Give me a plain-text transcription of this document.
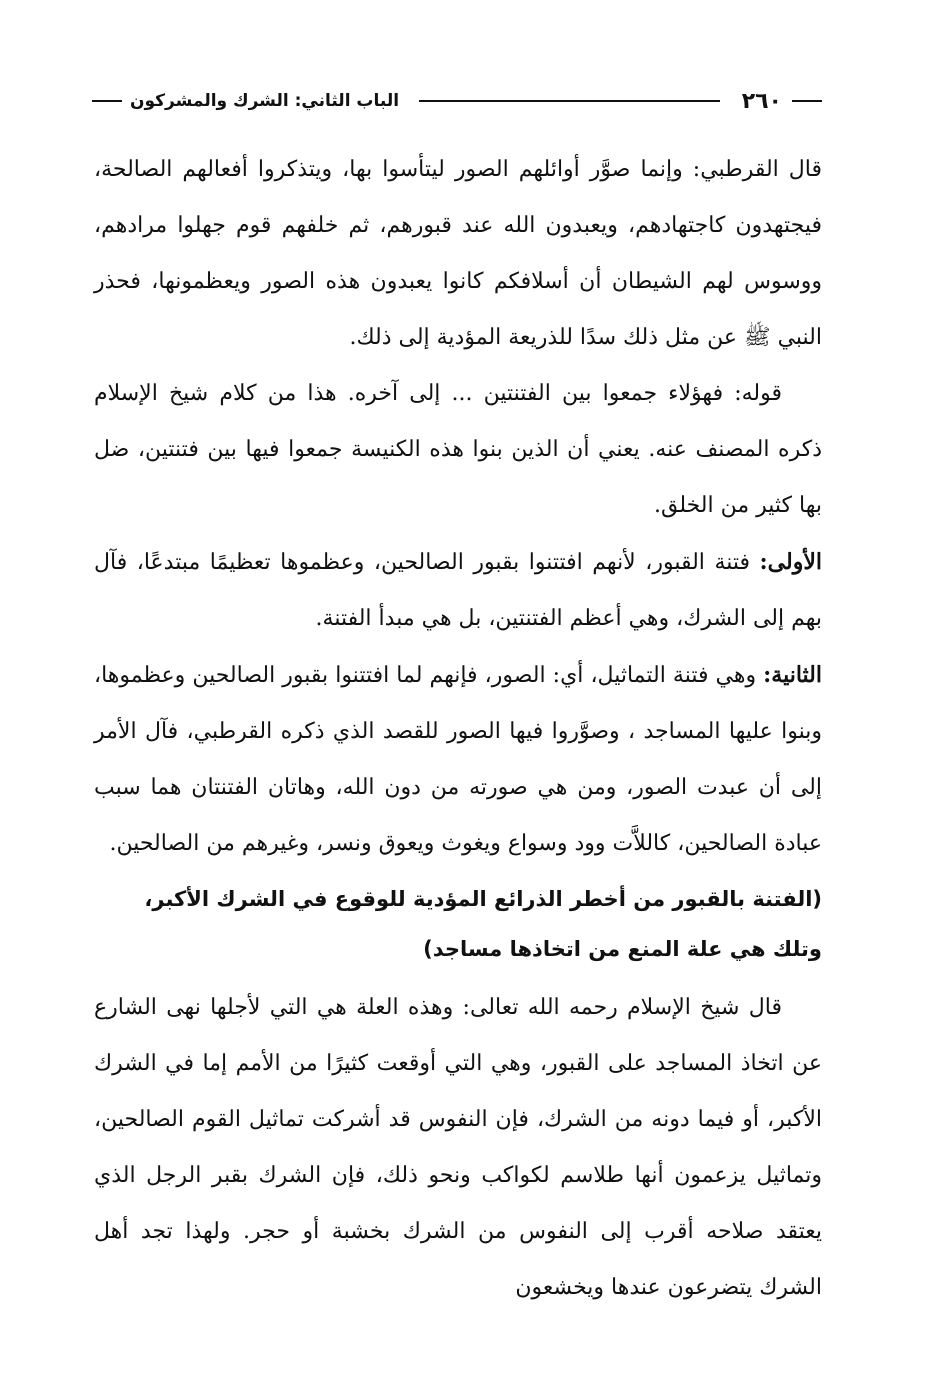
٢٦٠
الباب الثاني: الشرك والمشركون

قال القرطبي: وإنما صوَّر أوائلهم الصور ليتأسوا بها، ويتذكروا أفعالهم الصالحة، فيجتهدون كاجتهادهم، ويعبدون الله عند قبورهم، ثم خلفهم قوم جهلوا مرادهم، ووسوس لهم الشيطان أن أسلافكم كانوا يعبدون هذه الصور ويعظمونها، فحذر النبي ﷺ عن مثل ذلك سدًا للذريعة المؤدية إلى ذلك.

قوله: فهؤلاء جمعوا بين الفتنتين ... إلى آخره. هذا من كلام شيخ الإسلام ذكره المصنف عنه. يعني أن الذين بنوا هذه الكنيسة جمعوا فيها بين فتنتين، ضل بها كثير من الخلق.

الأولى: فتنة القبور، لأنهم افتتنوا بقبور الصالحين، وعظموها تعظيمًا مبتدعًا، فآل بهم إلى الشرك، وهي أعظم الفتنتين، بل هي مبدأ الفتنة.

الثانية: وهي فتنة التماثيل، أي: الصور، فإنهم لما افتتنوا بقبور الصالحين وعظموها، وبنوا عليها المساجد ، وصوَّروا فيها الصور للقصد الذي ذكره القرطبي، فآل الأمر إلى أن عبدت الصور، ومن هي صورته من دون الله، وهاتان الفتنتان هما سبب عبادة الصالحين، كاللاَّت وود وسواع ويغوث ويعوق ونسر، وغيرهم من الصالحين.

(الفتنة بالقبور من أخطر الذرائع المؤدية للوقوع في الشرك الأكبر، وتلك هي علة المنع من اتخاذها مساجد)

قال شيخ الإسلام رحمه الله تعالى: وهذه العلة هي التي لأجلها نهى الشارع عن اتخاذ المساجد على القبور، وهي التي أوقعت كثيرًا من الأمم إما في الشرك الأكبر، أو فيما دونه من الشرك، فإن النفوس قد أشركت تماثيل القوم الصالحين، وتماثيل يزعمون أنها طلاسم لكواكب ونحو ذلك، فإن الشرك بقبر الرجل الذي يعتقد صلاحه أقرب إلى النفوس من الشرك بخشبة أو حجر. ولهذا تجد أهل الشرك يتضرعون عندها ويخشعون
